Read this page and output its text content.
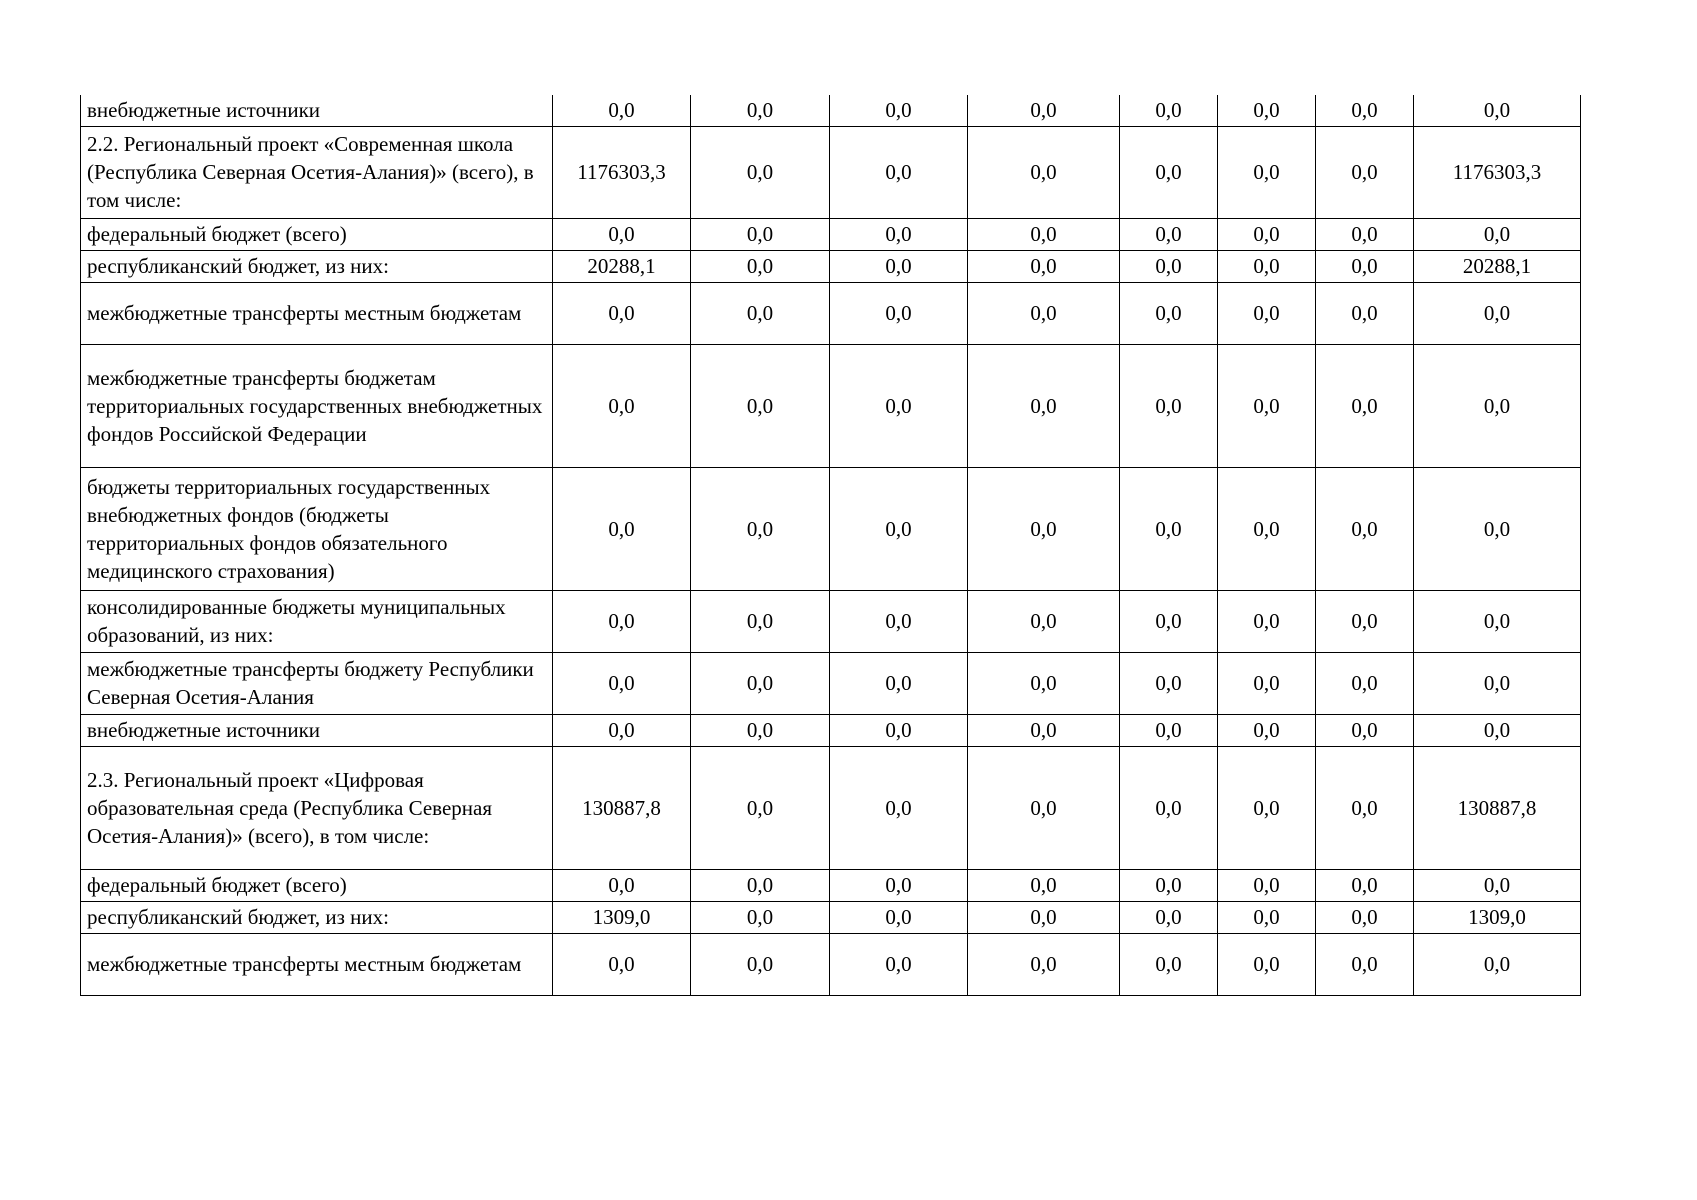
внебюджетные источники	0,0	0,0	0,0	0,0	0,0	0,0	0,0	0,0
2.2. Региональный проект «Современная школа (Республика Северная Осетия-Алания)» (всего), в том числе:	1176303,3	0,0	0,0	0,0	0,0	0,0	0,0	1176303,3
федеральный бюджет (всего)	0,0	0,0	0,0	0,0	0,0	0,0	0,0	0,0
республиканский бюджет, из них:	20288,1	0,0	0,0	0,0	0,0	0,0	0,0	20288,1
межбюджетные трансферты местным бюджетам	0,0	0,0	0,0	0,0	0,0	0,0	0,0	0,0
межбюджетные трансферты бюджетам территориальных государственных внебюджетных фондов Российской Федерации	0,0	0,0	0,0	0,0	0,0	0,0	0,0	0,0
бюджеты территориальных государственных внебюджетных фондов (бюджеты территориальных фондов обязательного медицинского страхования)	0,0	0,0	0,0	0,0	0,0	0,0	0,0	0,0
консолидированные бюджеты муниципальных образований, из них:	0,0	0,0	0,0	0,0	0,0	0,0	0,0	0,0
межбюджетные трансферты бюджету Республики Северная Осетия-Алания	0,0	0,0	0,0	0,0	0,0	0,0	0,0	0,0
внебюджетные источники	0,0	0,0	0,0	0,0	0,0	0,0	0,0	0,0
2.3. Региональный проект «Цифровая образовательная среда (Республика Северная Осетия-Алания)» (всего), в том числе:	130887,8	0,0	0,0	0,0	0,0	0,0	0,0	130887,8
федеральный бюджет (всего)	0,0	0,0	0,0	0,0	0,0	0,0	0,0	0,0
республиканский бюджет, из них:	1309,0	0,0	0,0	0,0	0,0	0,0	0,0	1309,0
межбюджетные трансферты местным бюджетам	0,0	0,0	0,0	0,0	0,0	0,0	0,0	0,0
